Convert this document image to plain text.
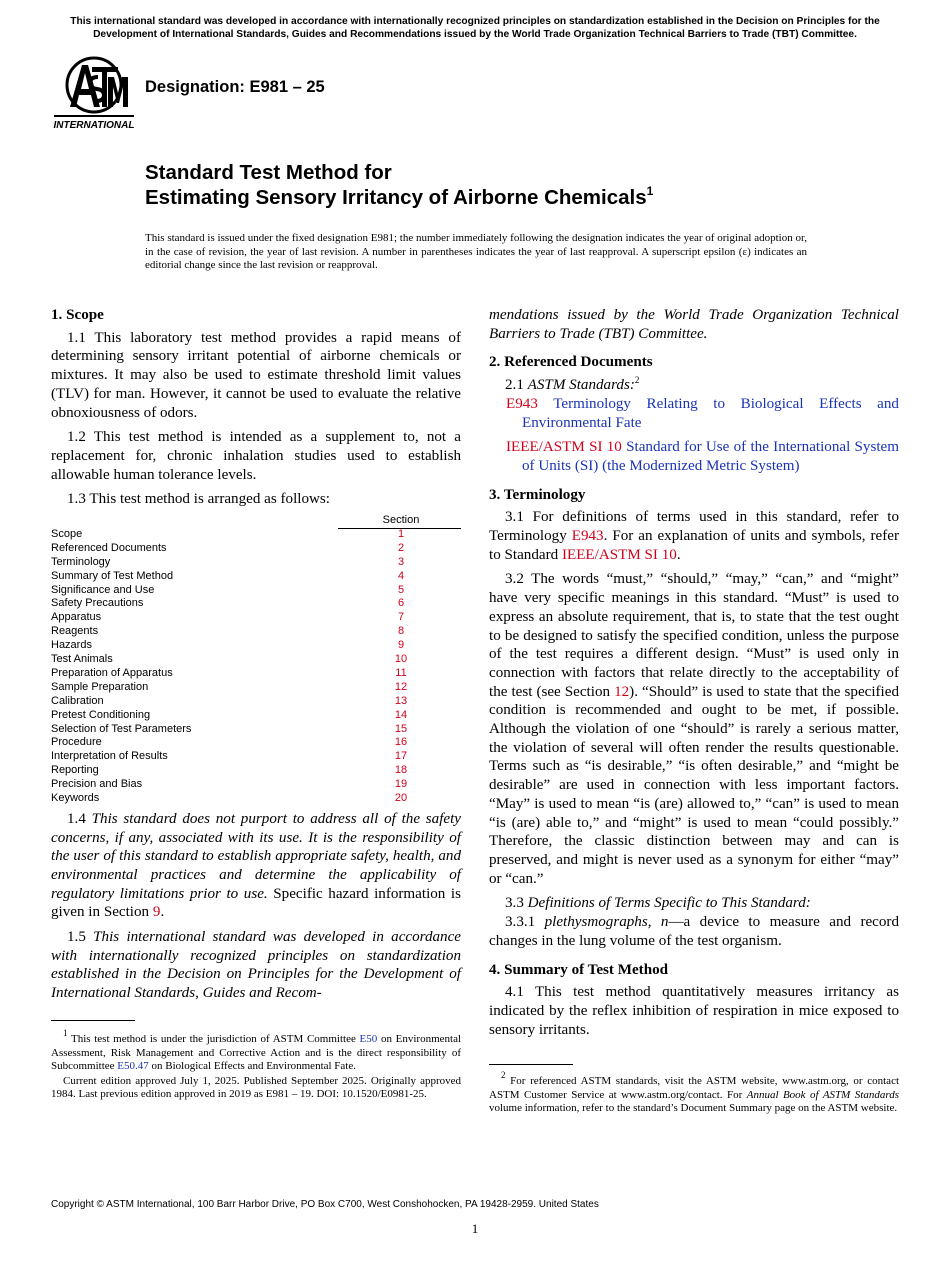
This international standard was developed in accordance with internationally recognized principles on standardization established in the Decision on Principles for the Development of International Standards, Guides and Recommendations issued by the World Trade Organization Technical Barriers to Trade (TBT) Committee.
INTERNATIONAL
Designation: E981 – 25
Standard Test Method for
Estimating Sensory Irritancy of Airborne Chemicals$^1$
This standard is issued under the fixed designation E981; the number immediately following the designation indicates the year of original adoption or, in the case of revision, the year of last revision. A number in parentheses indicates the year of last reapproval. A superscript epsilon (ε) indicates an editorial change since the last revision or reapproval.
1. Scope

1.1 This laboratory test method provides a rapid means of determining sensory irritant potential of airborne chemicals or mixtures. It may also be used to estimate threshold limit values (TLV) for man. However, it cannot be used to evaluate the relative obnoxiousness of odors.

1.2 This test method is intended as a supplement to, not a replacement for, chronic inhalation studies used to establish allowable human tolerance levels.

1.3 This test method is arranged as follows:

Section
Scope	1
Referenced Documents	2
Terminology	3
Summary of Test Method	4
Significance and Use	5
Safety Precautions	6
Apparatus	7
Reagents	8
Hazards	9
Test Animals	10
Preparation of Apparatus	11
Sample Preparation	12
Calibration	13
Pretest Conditioning	14
Selection of Test Parameters	15
Procedure	16
Interpretation of Results	17
Reporting	18
Precision and Bias	19
Keywords	20

1.4 This standard does not purport to address all of the safety concerns, if any, associated with its use. It is the responsibility of the user of this standard to establish appropriate safety, health, and environmental practices and determine the applicability of regulatory limitations prior to use. Specific hazard information is given in Section 9.

1.5 This international standard was developed in accordance with internationally recognized principles on standardization established in the Decision on Principles for the Development of International Standards, Guides and Recom-

mendations issued by the World Trade Organization Technical Barriers to Trade (TBT) Committee.

2. Referenced Documents

2.1 ASTM Standards:$^2$

E943 Terminology Relating to Biological Effects and Environmental Fate

IEEE/ASTM SI 10 Standard for Use of the International System of Units (SI) (the Modernized Metric System)

3. Terminology

3.1 For definitions of terms used in this standard, refer to Terminology E943. For an explanation of units and symbols, refer to Standard IEEE/ASTM SI 10.

3.2 The words “must,” “should,” “may,” “can,” and “might” have very specific meanings in this standard. “Must” is used to express an absolute requirement, that is, to state that the test ought to be designed to satisfy the specified condition, unless the purpose of the test requires a different design. “Must” is used only in connection with factors that relate directly to the acceptability of the test (see Section 12). “Should” is used to state that the specified condition is recommended and ought to be met, if possible. Although the violation of one “should” is rarely a serious matter, the violation of several will often render the results questionable. Terms such as “is desirable,” “is often desirable,” and “might be desirable” are used in connection with less important factors. “May” is used to mean “is (are) allowed to,” “can” is used to mean “is (are) able to,” and “might” is used to mean “could possibly.” Therefore, the classic distinction between may and can is preserved, and might is never used as a synonym for either “may” or “can.”

3.3 Definitions of Terms Specific to This Standard:

3.3.1 plethysmographs, n—a device to measure and record changes in the lung volume of the test organism.

4. Summary of Test Method

4.1 This test method quantitatively measures irritancy as indicated by the reflex inhibition of respiration in mice exposed to sensory irritants.

$^1$ This test method is under the jurisdiction of ASTM Committee E50 on Environmental Assessment, Risk Management and Corrective Action and is the direct responsibility of Subcommittee E50.47 on Biological Effects and Environmental Fate.

Current edition approved July 1, 2025. Published September 2025. Originally approved 1984. Last previous edition approved in 2019 as E981 – 19. DOI: 10.1520/E0981-25.

$^2$ For referenced ASTM standards, visit the ASTM website, www.astm.org, or contact ASTM Customer Service at www.astm.org/contact. For Annual Book of ASTM Standards volume information, refer to the standard’s Document Summary page on the ASTM website.

Copyright © ASTM International, 100 Barr Harbor Drive, PO Box C700, West Conshohocken, PA 19428-2959. United States
1
